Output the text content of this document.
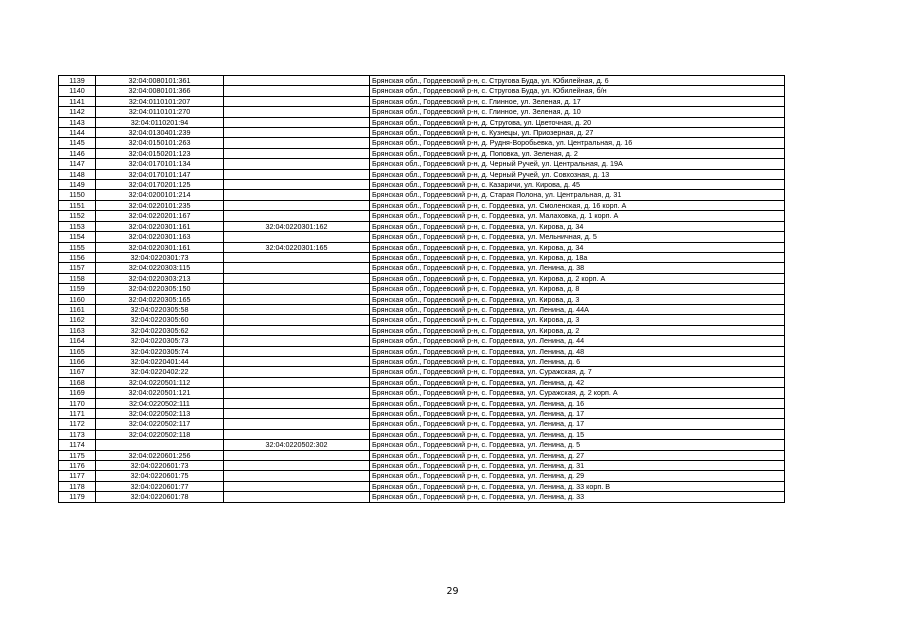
1139	32:04:0080101:361		Брянская обл., Гордеевский р-н, с. Стругова Буда, ул. Юбилейная, д. 6
1140	32:04:0080101:366		Брянская обл., Гордеевский р-н, с. Стругова Буда, ул. Юбилейная, б/н
1141	32:04:0110101:207		Брянская обл., Гордеевский р-н, с. Глинное, ул. Зеленая, д. 17
1142	32:04:0110101:270		Брянская обл., Гордеевский р-н, с. Глинное, ул. Зеленая, д. 10
1143	32:04:0110201:94		Брянская обл., Гордеевский р-н, д. Стругова, ул. Цветочная, д. 20
1144	32:04:0130401:239		Брянская обл., Гордеевский р-н, с. Кузнецы, ул. Приозерная, д. 27
1145	32:04:0150101:263		Брянская обл., Гордеевский р-н, д. Рудня-Воробьевка, ул. Центральная, д. 16
1146	32:04:0150201:123		Брянская обл., Гордеевский р-н, д. Поповка, ул. Зеленая, д. 2
1147	32:04:0170101:134		Брянская обл., Гордеевский р-н, д. Черный Ручей, ул. Центральная, д. 19А
1148	32:04:0170101:147		Брянская обл., Гордеевский р-н, д. Черный Ручей, ул. Совхозная, д. 13
1149	32:04:0170201:125		Брянская обл., Гордеевский р-н, с. Казаричи, ул. Кирова, д. 45
1150	32:04:0200101:214		Брянская обл., Гордеевский р-н, д. Старая Полона, ул. Центральная, д. 31
1151	32:04:0220101:235		Брянская обл., Гордеевский р-н, с. Гордеевка, ул. Смоленская, д. 16 корп. А
1152	32:04:0220201:167		Брянская обл., Гордеевский р-н, с. Гордеевка, ул. Малаховка, д. 1 корп. А
1153	32:04:0220301:161	32:04:0220301:162	Брянская обл., Гордеевский р-н, с. Гордеевка, ул. Кирова, д. 34
1154	32:04:0220301:163		Брянская обл., Гордеевский р-н, с. Гордеевка, ул. Мельничная, д. 5
1155	32:04:0220301:161	32:04:0220301:165	Брянская обл., Гордеевский р-н, с. Гордеевка, ул. Кирова, д. 34
1156	32:04:0220301:73		Брянская обл., Гордеевский р-н, с. Гордеевка, ул. Кирова, д. 18а
1157	32:04:0220303:115		Брянская обл., Гордеевский р-н, с. Гордеевка, ул. Ленина, д. 38
1158	32:04:0220303:213		Брянская обл., Гордеевский р-н, с. Гордеевка, ул. Кирова, д. 2 корп. А
1159	32:04:0220305:150		Брянская обл., Гордеевский р-н, с. Гордеевка, ул. Кирова, д. 8
1160	32:04:0220305:165		Брянская обл., Гордеевский р-н, с. Гордеевка, ул. Кирова, д. 3
1161	32:04:0220305:58		Брянская обл., Гордеевский р-н, с. Гордеевка, ул. Ленина, д. 44А
1162	32:04:0220305:60		Брянская обл., Гордеевский р-н, с. Гордеевка, ул. Кирова, д. 3
1163	32:04:0220305:62		Брянская обл., Гордеевский р-н, с. Гордеевка, ул. Кирова, д. 2
1164	32:04:0220305:73		Брянская обл., Гордеевский р-н, с. Гордеевка, ул. Ленина, д. 44
1165	32:04:0220305:74		Брянская обл., Гордеевский р-н, с. Гордеевка, ул. Ленина, д. 48
1166	32:04:0220401:44		Брянская обл., Гордеевский р-н, с. Гордеевка, ул. Ленина, д. 6
1167	32:04:0220402:22		Брянская обл., Гордеевский р-н, с. Гордеевка, ул. Суражская, д. 7
1168	32:04:0220501:112		Брянская обл., Гордеевский р-н, с. Гордеевка, ул. Ленина, д. 42
1169	32:04:0220501:121		Брянская обл., Гордеевский р-н, с. Гордеевка, ул. Суражская, д. 2 корп. А
1170	32:04:0220502:111		Брянская обл., Гордеевский р-н, с. Гордеевка, ул. Ленина, д. 16
1171	32:04:0220502:113		Брянская обл., Гордеевский р-н, с. Гордеевка, ул. Ленина, д. 17
1172	32:04:0220502:117		Брянская обл., Гордеевский р-н, с. Гордеевка, ул. Ленина, д. 17
1173	32:04:0220502:118		Брянская обл., Гордеевский р-н, с. Гордеевка, ул. Ленина, д. 15
1174		32:04:0220502:302	Брянская обл., Гордеевский р-н, с. Гордеевка, ул. Ленина, д. 5
1175	32:04:0220601:256		Брянская обл., Гордеевский р-н, с. Гордеевка, ул. Ленина, д. 27
1176	32:04:0220601:73		Брянская обл., Гордеевский р-н, с. Гордеевка, ул. Ленина, д. 31
1177	32:04:0220601:75		Брянская обл., Гордеевский р-н, с. Гордеевка, ул. Ленина, д. 29
1178	32:04:0220601:77		Брянская обл., Гордеевский р-н, с. Гордеевка, ул. Ленина, д. 33 корп. В
1179	32:04:0220601:78		Брянская обл., Гордеевский р-н, с. Гордеевка, ул. Ленина, д. 33
29
